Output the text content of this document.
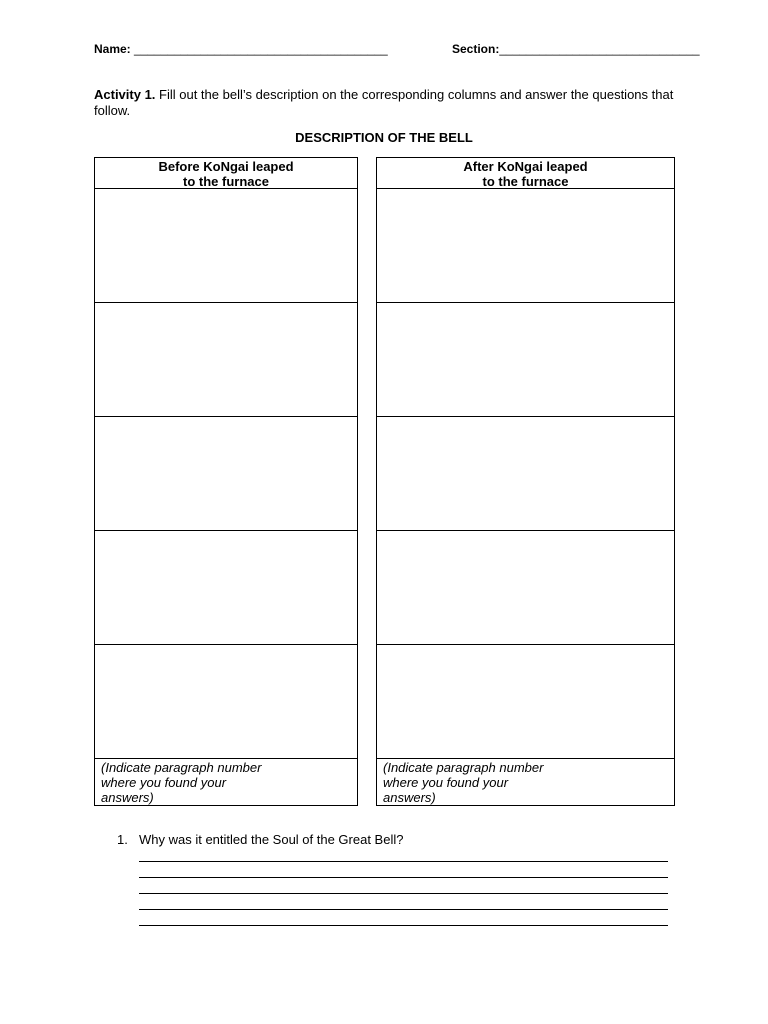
Name: ______________________________________	Section:______________________________
Activity 1. Fill out the bell’s description on the corresponding columns and answer the questions that follow.
DESCRIPTION OF THE BELL
Before KoNgai leaped
to the furnace
(Indicate paragraph number
where you found your
answers)
After KoNgai leaped
to the furnace
(Indicate paragraph number
where you found your
answers)
1. Why was it entitled the Soul of the Great Bell?
